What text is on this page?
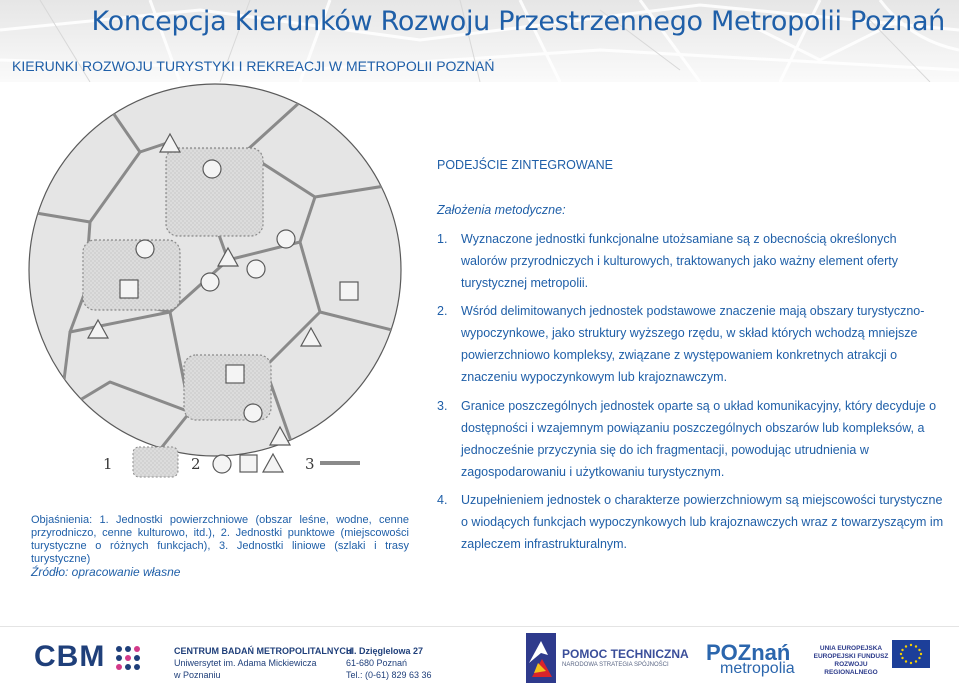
Koncepcja Kierunków Rozwoju Przestrzennego Metropolii Poznań
KIERUNKI ROZWOJU TURYSTYKI I REKREACJI W METROPOLII POZNAŃ
1	2	3
PODEJŚCIE ZINTEGROWANE
Założenia metodyczne:
1. Wyznaczone jednostki funkcjonalne utożsamiane są z obecnością określonych
walorów przyrodniczych i kulturowych, traktowanych jako ważny element oferty
turystycznej metropolii.
2. Wśród delimitowanych jednostek podstawowe znaczenie mają obszary turystyczno-
wypoczynkowe, jako struktury wyższego rzędu, w skład których wchodzą mniejsze
powierzchniowo kompleksy, związane z występowaniem konkretnych atrakcji o
znaczeniu wypoczynkowym lub krajoznawczym.
3. Granice poszczególnych jednostek oparte są o układ komunikacyjny, który decyduje o
dostępności i wzajemnym powiązaniu poszczególnych obszarów lub kompleksów, a
jednocześnie przyczynia się do ich fragmentacji, powodując utrudnienia w
zagospodarowaniu i użytkowaniu turystycznym.
4. Uzupełnieniem jednostek o charakterze powierzchniowym są miejscowości turystyczne
o wiodących funkcjach wypoczynkowych lub krajoznawczych wraz z towarzyszącym im
zapleczem infrastrukturalnym.
Objaśnienia: 1. Jednostki powierzchniowe (obszar leśne, wodne, cenne przyrodniczo, cenne kulturowo, itd.), 2. Jednostki punktowe (miejscowości turystyczne o różnych funkcjach), 3. Jednostki liniowe (szlaki i trasy turystyczne)
Źródło: opracowanie własne
CBM	CENTRUM BADAŃ METROPOLITALNYCH
Uniwersytet im. Adama Mickiewicza
w Poznaniu
ul. Dzięglelowa 27
61-680 Poznań
Tel.: (0-61) 829 63 36
POMOC TECHNICZNA
NARODOWA STRATEGIA SPÓJNOŚCI POZnań
metropolia
UNIA EUROPEJSKA EUROPEJSKI FUNDUSZ ROZWOJU REGIONALNEGO
